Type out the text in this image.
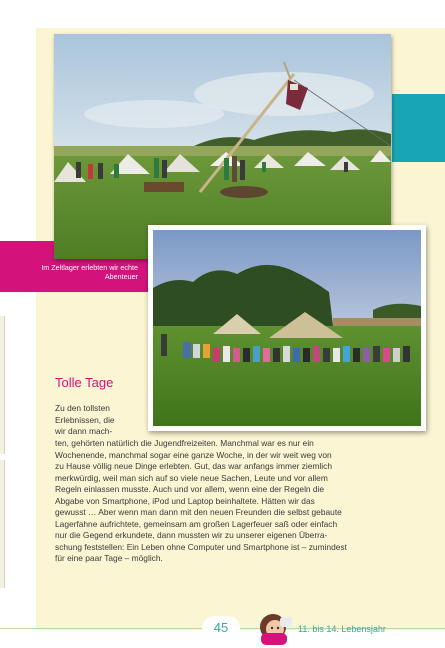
Im Zeltlager erlebten wir echte Abenteuer
Tolle Tage

Zu den tollsten

Erlebnissen, die

wir dann mach-

ten, gehörten natürlich die Jugendfreizeiten. Manchmal war es nur ein

Wochenende, manchmal sogar eine ganze Woche, in der wir weit weg von

zu Hause völlig neue Dinge erlebten. Gut, das war anfangs immer ziemlich

merkwürdig, weil man sich auf so viele neue Sachen, Leute und vor allem

Regeln einlassen musste. Auch und vor allem, wenn eine der Regeln die

Abgabe von Smartphone, iPod und Laptop beinhaltete. Hätten wir das

gewusst … Aber wenn man dann mit den neuen Freunden die selbst gebaute

Lagerfahne aufrichtete, gemeinsam am großen Lagerfeuer saß oder einfach

nur die Gegend erkundete, dann mussten wir zu unserer eigenen Überra-

schung feststellen: Ein Leben ohne Computer und Smartphone ist – zumindest

für eine paar Tage – möglich.

45	11. bis 14. Lebensjahr
